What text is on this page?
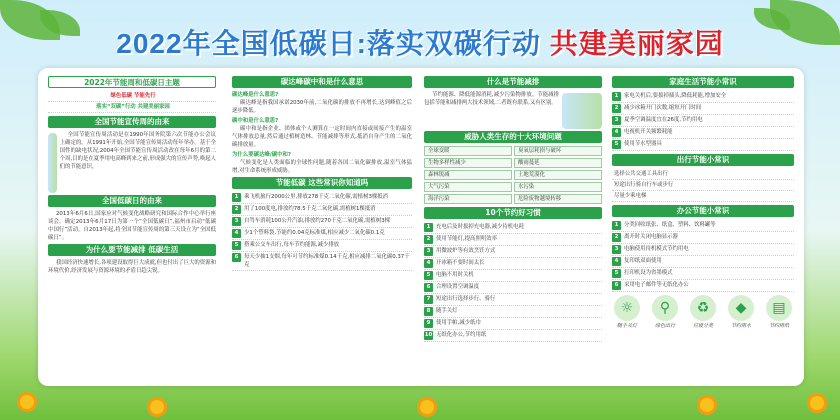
2022年全国低碳日:落实双碳行动 共建美丽家园
2022年节能周和低碳日主题
绿色低碳 节能先行
落实“双碳”行动 共建美丽家园
全国节能宣传周的由来
全国节能宣传周活动是在1990年国务院第六次节能办公会议上确定的。从1991年开始,全国节能宣传周活动每年举办。基于全国性的缺电状况,2004年全国节能宣传周活动改在每年6月的第二个周,目的是在夏季用电高峰到来之前,形成强大的宣传声势,唤起人们的节能意识。
全国低碳日的由来
2013年6月6日,国家应对气候变化战略研究和国际合作中心举行座谈会。确定2013年6月17日为第一个“全国低碳日”,福州市启动“低碳中国行”活动。自2013年起,将全国节能宣传周的第三天设立为“全国低碳日”。
为什么要节能减排 低碳生活
我国经济快速增长,各项建设取得巨大成就,但也付出了巨大的资源和环境代价,经济发展与资源环境的矛盾日趋尖锐。
碳达峰碳中和是什么意思
碳达峰是什么意思?
碳达峰是指我国承诺2030年前,二氧化碳的排放不再增长,达到峰值之后逐步降低。
碳中和是什么意思?
碳中和是指企业、团体或个人测算在一定时间内直接或间接产生的温室气体排放总量,然后通过植树造林、节能减排等形式,抵消自身产生的二氧化碳排放量。
为什么要碳达峰/碳中和?
气候变化是人类面临的全球性问题,随着各国二氧化碳排放,温室气体猛增,对生命系统形成威胁。
节能低碳 这些常识你知道吗
1	乘飞机旅行2000公里,排放278千克二氧化碳,需植树3棵抵消
2	用了100度电,排放约78.5千克二氧化碳,需植树1棵抵消
3	自驾车消耗100公升汽油,排放约270千克二氧化碳,需植树3棵
4	少1个塑料袋,节能约0.04克标准煤,相应减少二氧化碳0.1克
5	搭乘公交车出行,每车节约能源,减少排放
6	每天少抽1支烟,每年可节约标准煤0.14千克,相应减排二氧化碳0.37千克
什么是节能减排
节约能源、降低能源消耗,减少污染物排放。节能减排包括节能和减排两大技术领域,二者既有联系,又有区别。
威胁人类生存的十大环境问题
全球变暖	臭氧层耗损与破坏
生物多样性减少	酸雨蔓延
森林锐减	土地荒漠化
大气污染	水污染
海洋污染	危险废物越境转移
10个节约好习惯
1	充电后及时拔掉充电器,减少待机电耗
2	使用节能灯,提高照明效率
3	用微波炉等有效烹饪方式
4	开冰箱不要时间太长
5	电脑不用时关机
6	合理设置空调温度
7	短途出行选择步行、骑行
8	随手关灯
9	使用手帕,减少纸巾
10 无纸化办公,节约用纸
家庭生活节能小常识
1	家电关机后,要拔掉插头,降低耗能,增加安全
2	减少冰箱开门次数,缩短开门时间
3	夏季空调温度宜在26度,节约用电
4	电视机开关频繁耗能
5	使用节水型器具
出行节能小常识
选择公共交通工具出行
短途出行骑自行车或步行
尽量少乘电梯
办公节能小常识
1	分类回收纸张、纸盒、塑料、饮料罐等
2	离开时关闭电脑显示器
3	电脑使用待机模式节约用电
4	复印纸双面使用
5	打印机设为省墨模式
6	采用电子邮件等无纸化办公
☼
随手关灯
⚲
绿色出行
♻
垃圾分类
◆
节约用水
▤
节约用纸
